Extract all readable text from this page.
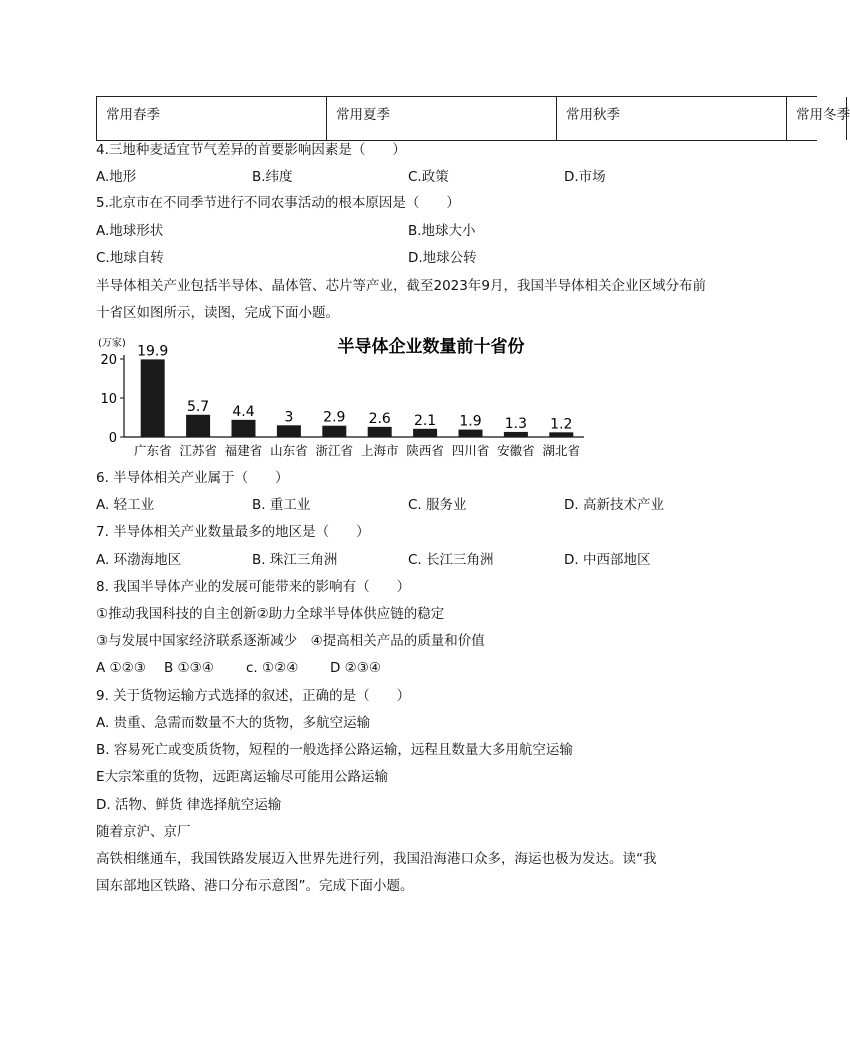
常用春季	常用夏季	常用秋季	常用冬季
4.三地种麦适宜节气差异的首要影响因素是（　　）
A.地形	B.纬度	C.政策	D.市场
5.北京市在不同季节进行不同农事活动的根本原因是（　　）
A.地球形状	B.地球大小
C.地球自转	D.地球公转
半导体相关产业包括半导体、晶体管、芯片等产业，截至2023年9月，我国半导体相关企业区域分布前
十省区如图所示，读图，完成下面小题。
(万家)	半导体企业数量前十省份
0
10
20
19.9
广东省
5.7
江苏省
4.4
福建省
3
山东省
2.9
浙江省
2.6
上海市
2.1
陕西省
1.9
四川省
1.3
安徽省
1.2
湖北省
6. 半导体相关产业属于（　　）
A. 轻工业	B. 重工业	C. 服务业	D. 高新技术产业
7. 半导体相关产业数量最多的地区是（　　）
A. 环渤海地区	B. 珠江三角洲	C. 长江三角洲	D. 中西部地区
8. 我国半导体产业的发展可能带来的影响有（　　）
①推动我国科技的自主创新②助力全球半导体供应链的稳定
③与发展中国家经济联系逐渐减少　④提高相关产品的质量和价值
A ①②③ B ①③④ c. ①②④ D ②③④
9. 关于货物运输方式选择的叙述，正确的是（　　）
A. 贵重、急需而数量不大的货物，多航空运输
B. 容易死亡或变质货物，短程的一般选择公路运输，远程且数量大多用航空运输
E大宗笨重的货物，远距离运输尽可能用公路运输
D. 活物、鲜货 律选择航空运输
随着京沪、京厂
高铁相继通车，我国铁路发展迈入世界先进行列，我国沿海港口众多，海运也极为发达。读“我
国东部地区铁路、港口分布示意图”。完成下面小题。
